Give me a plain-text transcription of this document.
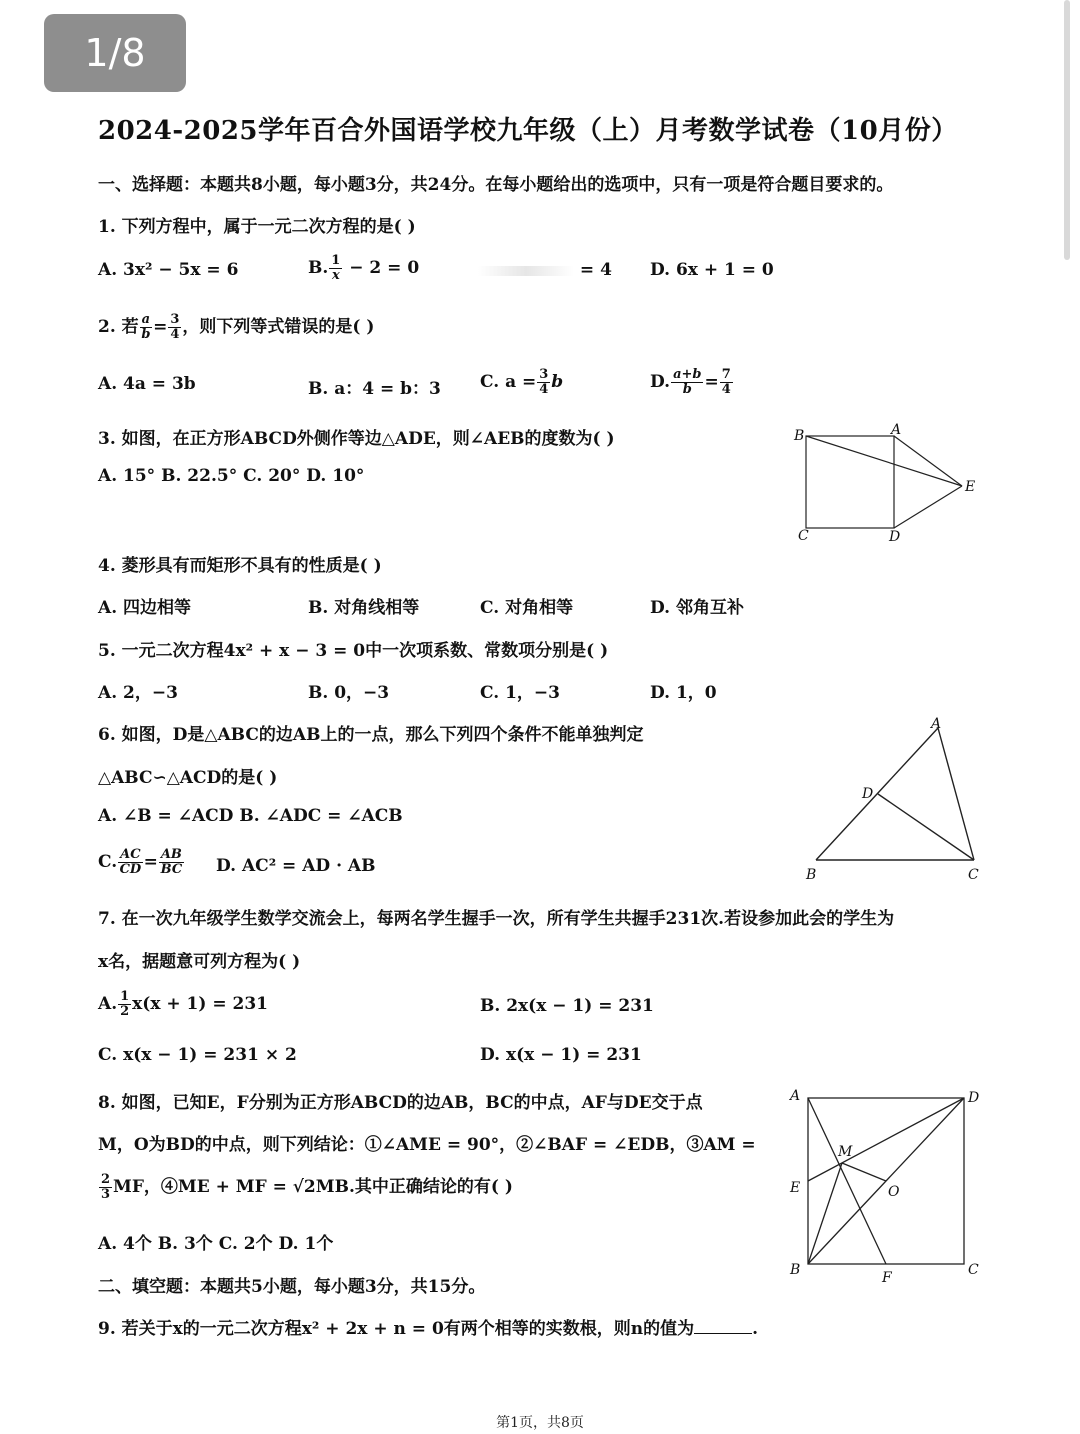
1/8
2024-2025学年百合外国语学校九年级（上）月考数学试卷（10月份）
一、选择题：本题共8小题，每小题3分，共24分。在每小题给出的选项中，只有一项是符合题目要求的。
1. 下列方程中，属于一元二次方程的是( )
A. 3x² − 5x = 6	B. $\frac{1}{x} - 2 = 0$	= 4 D. 6x + 1 = 0
2. 若 $\frac{a}{b} = \frac{3}{4}$ ，则下列等式错误的是( )
A. 4a = 3b	B. a：4 = b：3 C. $a = \frac{3}{4}$ b	D. $\frac{a+b}{b} = \frac{7}{4}$
3. 如图，在正方形ABCD外侧作等边△ADE，则∠AEB的度数为( )
A. 15° B. 22.5° C. 20° D. 10°
B	A
E
C	D
4. 菱形具有而矩形不具有的性质是( )
A. 四边相等	B. 对角线相等	C. 对角相等	D. 邻角互补
5. 一元二次方程4x² + x − 3 = 0中一次项系数、常数项分别是( )
A. 2，−3	B. 0，−3	C. 1，−3	D. 1，0
6. 如图，D是△ABC的边AB上的一点，那么下列四个条件不能单独判定
△ABC∽△ACD的是( )
A. ∠B = ∠ACD B. ∠ADC = ∠ACB
C. $\frac{AC}{CD} = \frac{AB}{BC} D$. AC² = AD · AB
A
D
B	C
7. 在一次九年级学生数学交流会上，每两名学生握手一次，所有学生共握手231次.若设参加此会的学生为
x名，据题意可列方程为( )
A. $\frac{1}{2} x(x + 1) = 231$	B. 2x(x − 1) = 231
C. x(x − 1) = 231 × 2	D. x(x − 1) = 231
8. 如图，已知E，F分别为正方形ABCD的边AB，BC的中点，AF与DE交于点
M，O为BD的中点，则下列结论：①∠AME = 90°，②∠BAF = ∠EDB，③AM =
$\frac{2}{3}$ MF，④ME + MF = √2MB.其中正确结论的有( )
A. 4个 B. 3个 C. 2个 D. 1个
A	D
M
E	O
B	F	C
二、填空题：本题共5小题，每小题3分，共15分。
9. 若关于x的一元二次方程x² + 2x + n = 0有两个相等的实数根，则n的值为	.
第1页，共8页
